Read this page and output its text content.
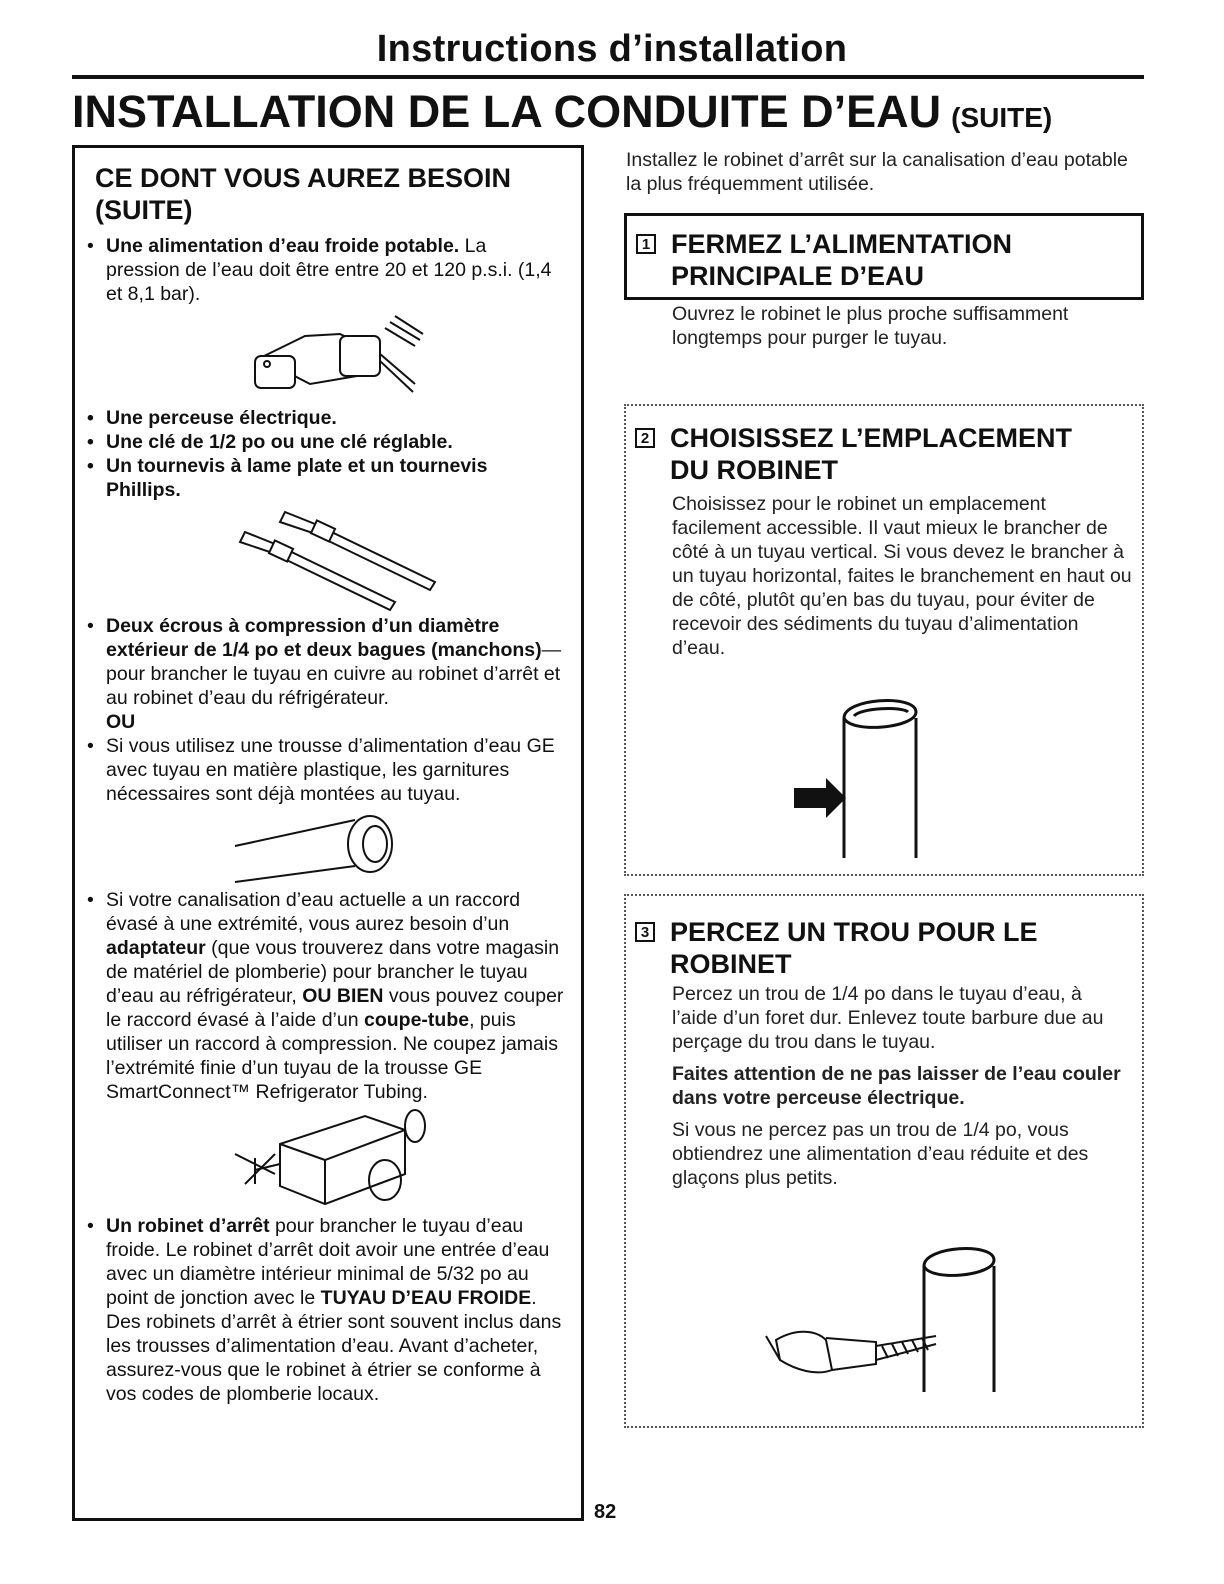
Instructions d’installation
INSTALLATION DE LA CONDUITE D’EAU (SUITE)
CE DONT VOUS AUREZ BESOIN
(SUITE)

• Une alimentation d’eau froide potable. La pression de l’eau doit être entre 20 et 120 p.s.i. (1,4 et 8,1 bar).

• Une perceuse électrique.

• Une clé de 1/2 po ou une clé réglable.

• Un tournevis à lame plate et un tournevis Phillips.

• Deux écrous à compression d’un diamètre extérieur de 1/4 po et deux bagues (manchons)—pour brancher le tuyau en cuivre au robinet d’arrêt et au robinet d’eau du réfrigérateur.

OU

• Si vous utilisez une trousse d’alimentation d’eau GE avec tuyau en matière plastique, les garnitures nécessaires sont déjà montées au tuyau.

• Si votre canalisation d’eau actuelle a un raccord évasé à une extrémité, vous aurez besoin d’un adaptateur (que vous trouverez dans votre magasin de matériel de plomberie) pour brancher le tuyau d’eau au réfrigérateur, OU BIEN vous pouvez couper le raccord évasé à l’aide d’un coupe-tube, puis utiliser un raccord à compression. Ne coupez jamais l’extrémité finie d’un tuyau de la trousse GE SmartConnect™ Refrigerator Tubing.

• Un robinet d’arrêt pour brancher le tuyau d’eau froide. Le robinet d’arrêt doit avoir une entrée d’eau avec un diamètre intérieur minimal de 5/32 po au point de jonction avec le TUYAU D’EAU FROIDE. Des robinets d’arrêt à étrier sont souvent inclus dans les trousses d’alimentation d’eau. Avant d’acheter, assurez-vous que le robinet à étrier se conforme à vos codes de plomberie locaux.

Installez le robinet d’arrêt sur la canalisation d’eau potable la plus fréquemment utilisée.

1 FERMEZ L’ALIMENTATION
PRINCIPALE D’EAU

Ouvrez le robinet le plus proche suffisamment longtemps pour purger le tuyau.

2 CHOISISSEZ L’EMPLACEMENT
DU ROBINET

Choisissez pour le robinet un emplacement facilement accessible. Il vaut mieux le brancher de côté à un tuyau vertical. Si vous devez le brancher à un tuyau horizontal, faites le branchement en haut ou de côté, plutôt qu’en bas du tuyau, pour éviter de recevoir des sédiments du tuyau d’alimentation d’eau.

3 PERCEZ UN TROU POUR LE
ROBINET

Percez un trou de 1/4 po dans le tuyau d’eau, à l’aide d’un foret dur. Enlevez toute barbure due au perçage du trou dans le tuyau.

Faites attention de ne pas laisser de l’eau couler dans votre perceuse électrique.

Si vous ne percez pas un trou de 1/4 po, vous obtiendrez une alimentation d’eau réduite et des glaçons plus petits.

82
